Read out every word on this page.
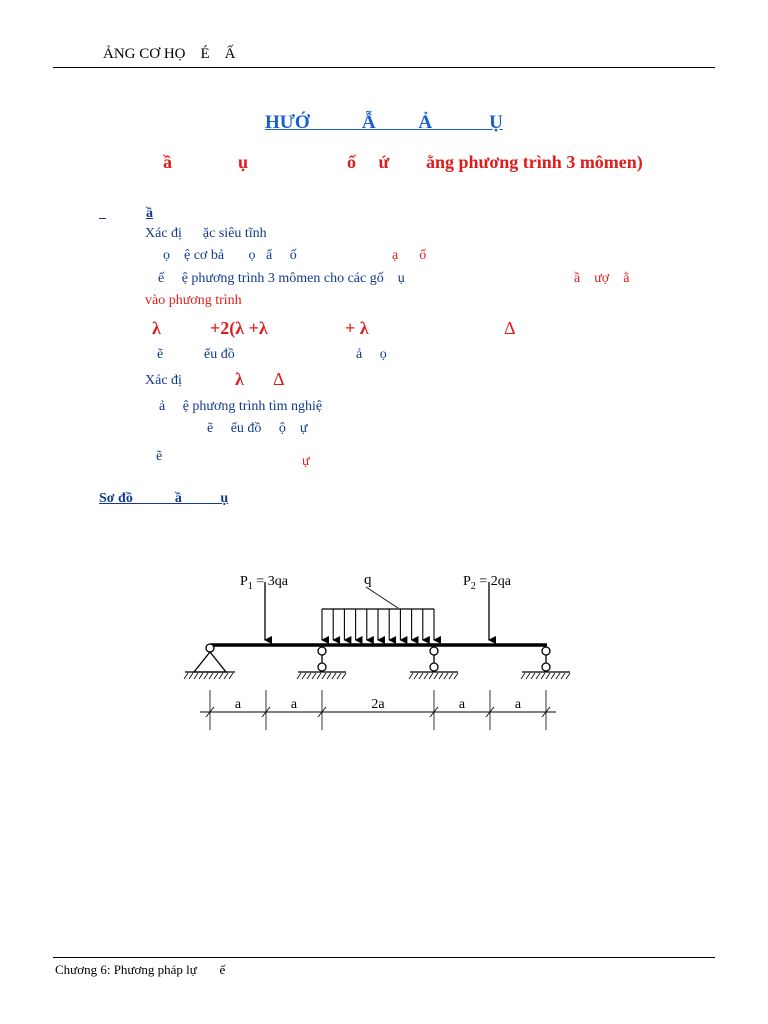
ẢNG CƠ HỌ    É    Ấ
HƯỚ           Ẫ         Ả            Ụ
ầ	ụ	ố     ứ ằng phương trình 3 mômen)

ầ

Xác đị      ặc siêu tĩnh
ọ    ệ cơ bả       ọ   ẩ     ố	ạ      ố
ế     ệ phương trình 3 mômen cho các gố    ụ	ầ    ượ    ằ
vào phương trình
λ	+2(λ +λ	+ λ	Δ
ẽ	ểu đồ	ả     ọ
Xác đị	λ Δ
ả     ệ phương trình tìm nghiệ
ẽ     ểu đồ     ộ    ự
ẽ	ự
Sơ đồ            ầ           ụ
$P_1 = 3qa$	$P_2 = 2qa$
q
a	a	2a	a	a
Chương 6: Phương pháp lự       ế
